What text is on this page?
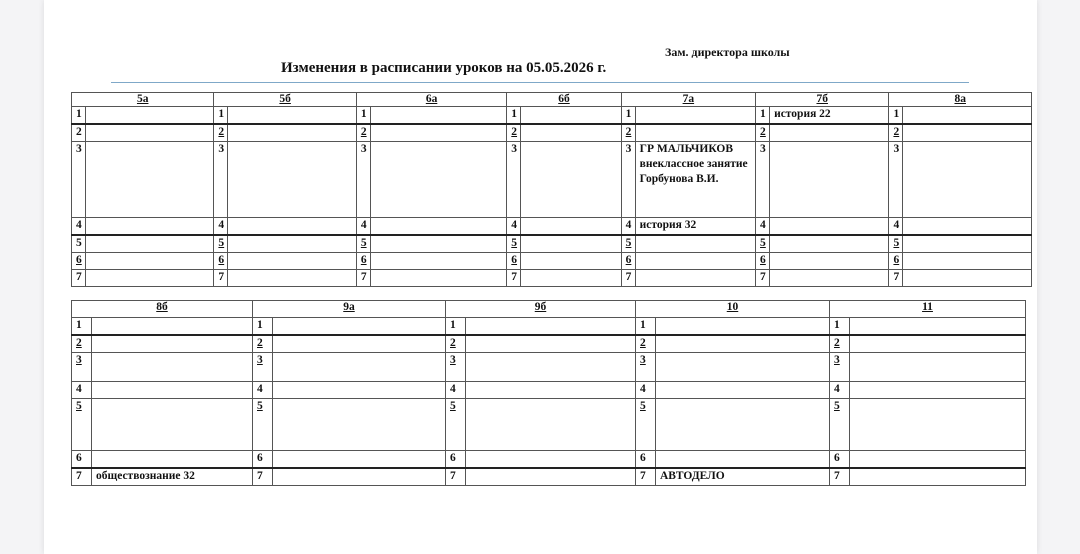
Зам. директора школы
Изменения в расписании уроков на 05.05.2026 г.
5а		5б		6а		6б		7а		7б		8а	
1		1		1		1		1		1	история 22	1	
2		2		2		2		2		2		2	
3		3		3		3		3	ГР МАЛЬЧИКОВ внеклассное занятие Горбунова В.И.	3		3	
4		4		4		4		4	история 32	4		4	
5		5		5		5		5		5		5	
6		6		6		6		6		6		6	
7		7		7		7		7		7		7	
8б		9а		9б		10		11	
1		1		1		1		1	
2		2		2		2		2	
3		3		3		3		3	
4		4		4		4		4	
5		5		5		5		5	
6		6		6		6		6	
7	обществознание 32	7		7		7	АВТОДЕЛО	7	
